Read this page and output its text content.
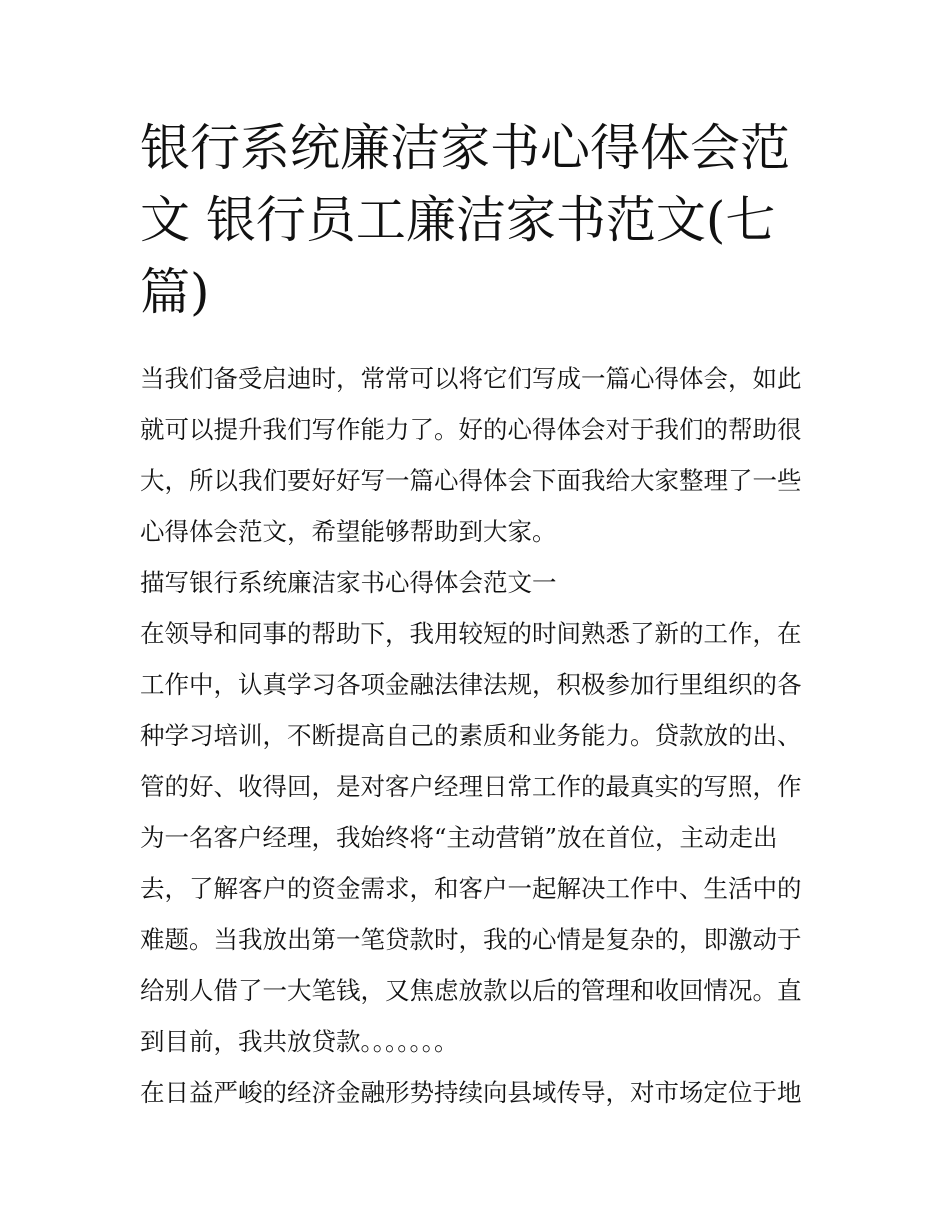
银行系统廉洁家书心得体会范
文 银行员工廉洁家书范文(七
篇)
当我们备受启迪时，常常可以将它们写成一篇心得体会，如此
就可以提升我们写作能力了。好的心得体会对于我们的帮助很
大，所以我们要好好写一篇心得体会下面我给大家整理了一些
心得体会范文，希望能够帮助到大家。
描写银行系统廉洁家书心得体会范文一
在领导和同事的帮助下，我用较短的时间熟悉了新的工作，在
工作中，认真学习各项金融法律法规，积极参加行里组织的各
种学习培训，不断提高自己的素质和业务能力。贷款放的出、
管的好、收得回，是对客户经理日常工作的最真实的写照，作
为一名客户经理，我始终将“主动营销”放在首位，主动走出
去，了解客户的资金需求，和客户一起解决工作中、生活中的
难题。当我放出第一笔贷款时，我的心情是复杂的，即激动于
给别人借了一大笔钱，又焦虑放款以后的管理和收回情况。直
到目前，我共放贷款。。。。。。。
在日益严峻的经济金融形势持续向县域传导，对市场定位于地
